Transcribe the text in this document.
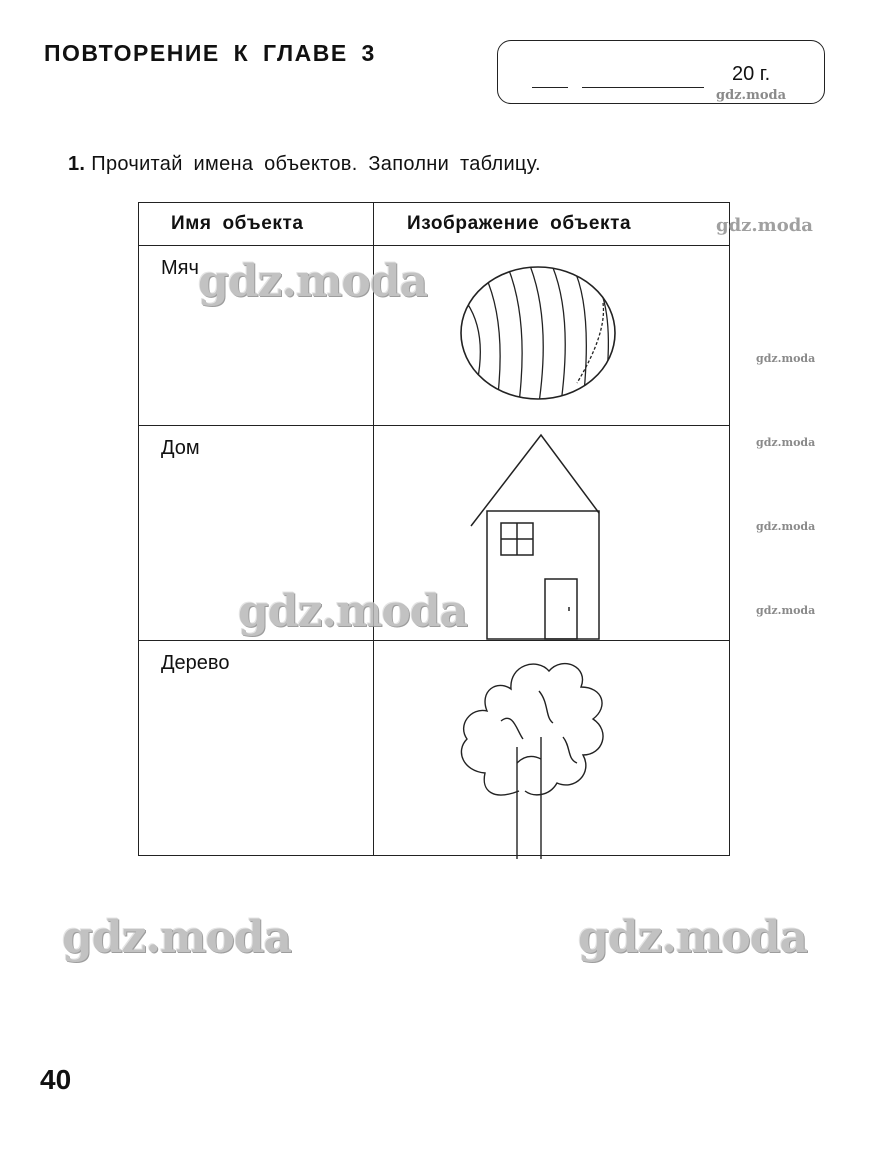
ПОВТОРЕНИЕ К ГЛАВЕ 3
20 г.
gdz.moda
1. Прочитай имена объектов. Заполни таблицу.
Имя объекта	Изображение объекта
Мяч
Дом
Дерево
gdz.moda
gdz.moda
gdz.moda
gdz.moda
gdz.moda
gdz.moda
gdz.moda
gdz.moda	gdz.moda
40
